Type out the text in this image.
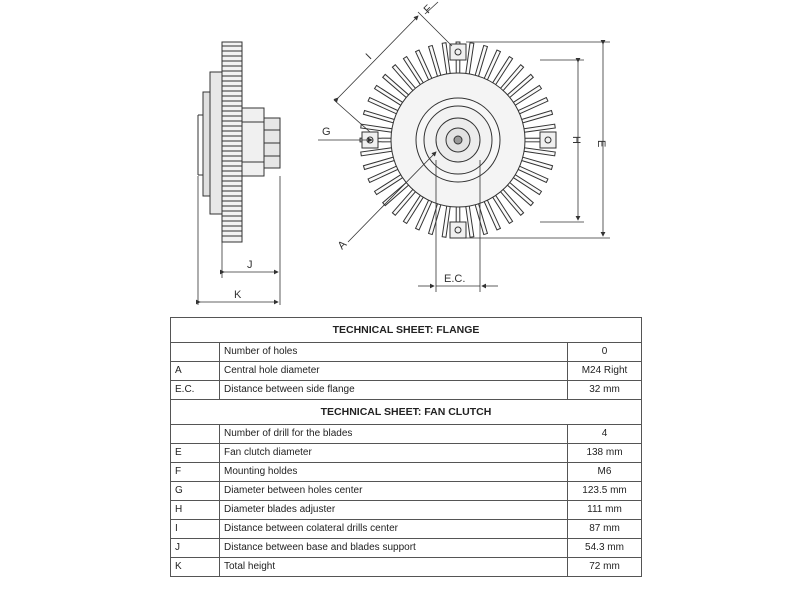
J
K
E
H
G
I
F
A
E.C.
TECHNICAL SHEET: FLANGE		
	Number of holes	0
A	Central hole diameter	M24 Right
E.C.	Distance between side flange	32 mm
TECHNICAL SHEET: FAN CLUTCH		
	Number of drill for the blades	4
E	Fan clutch diameter	138 mm
F	Mounting holdes	M6
G	Diameter between holes center	123.5 mm
H	Diameter blades adjuster	111 mm
I	Distance between colateral drills center	87 mm
J	Distance between base and blades support	54.3 mm
K	Total height	72 mm
